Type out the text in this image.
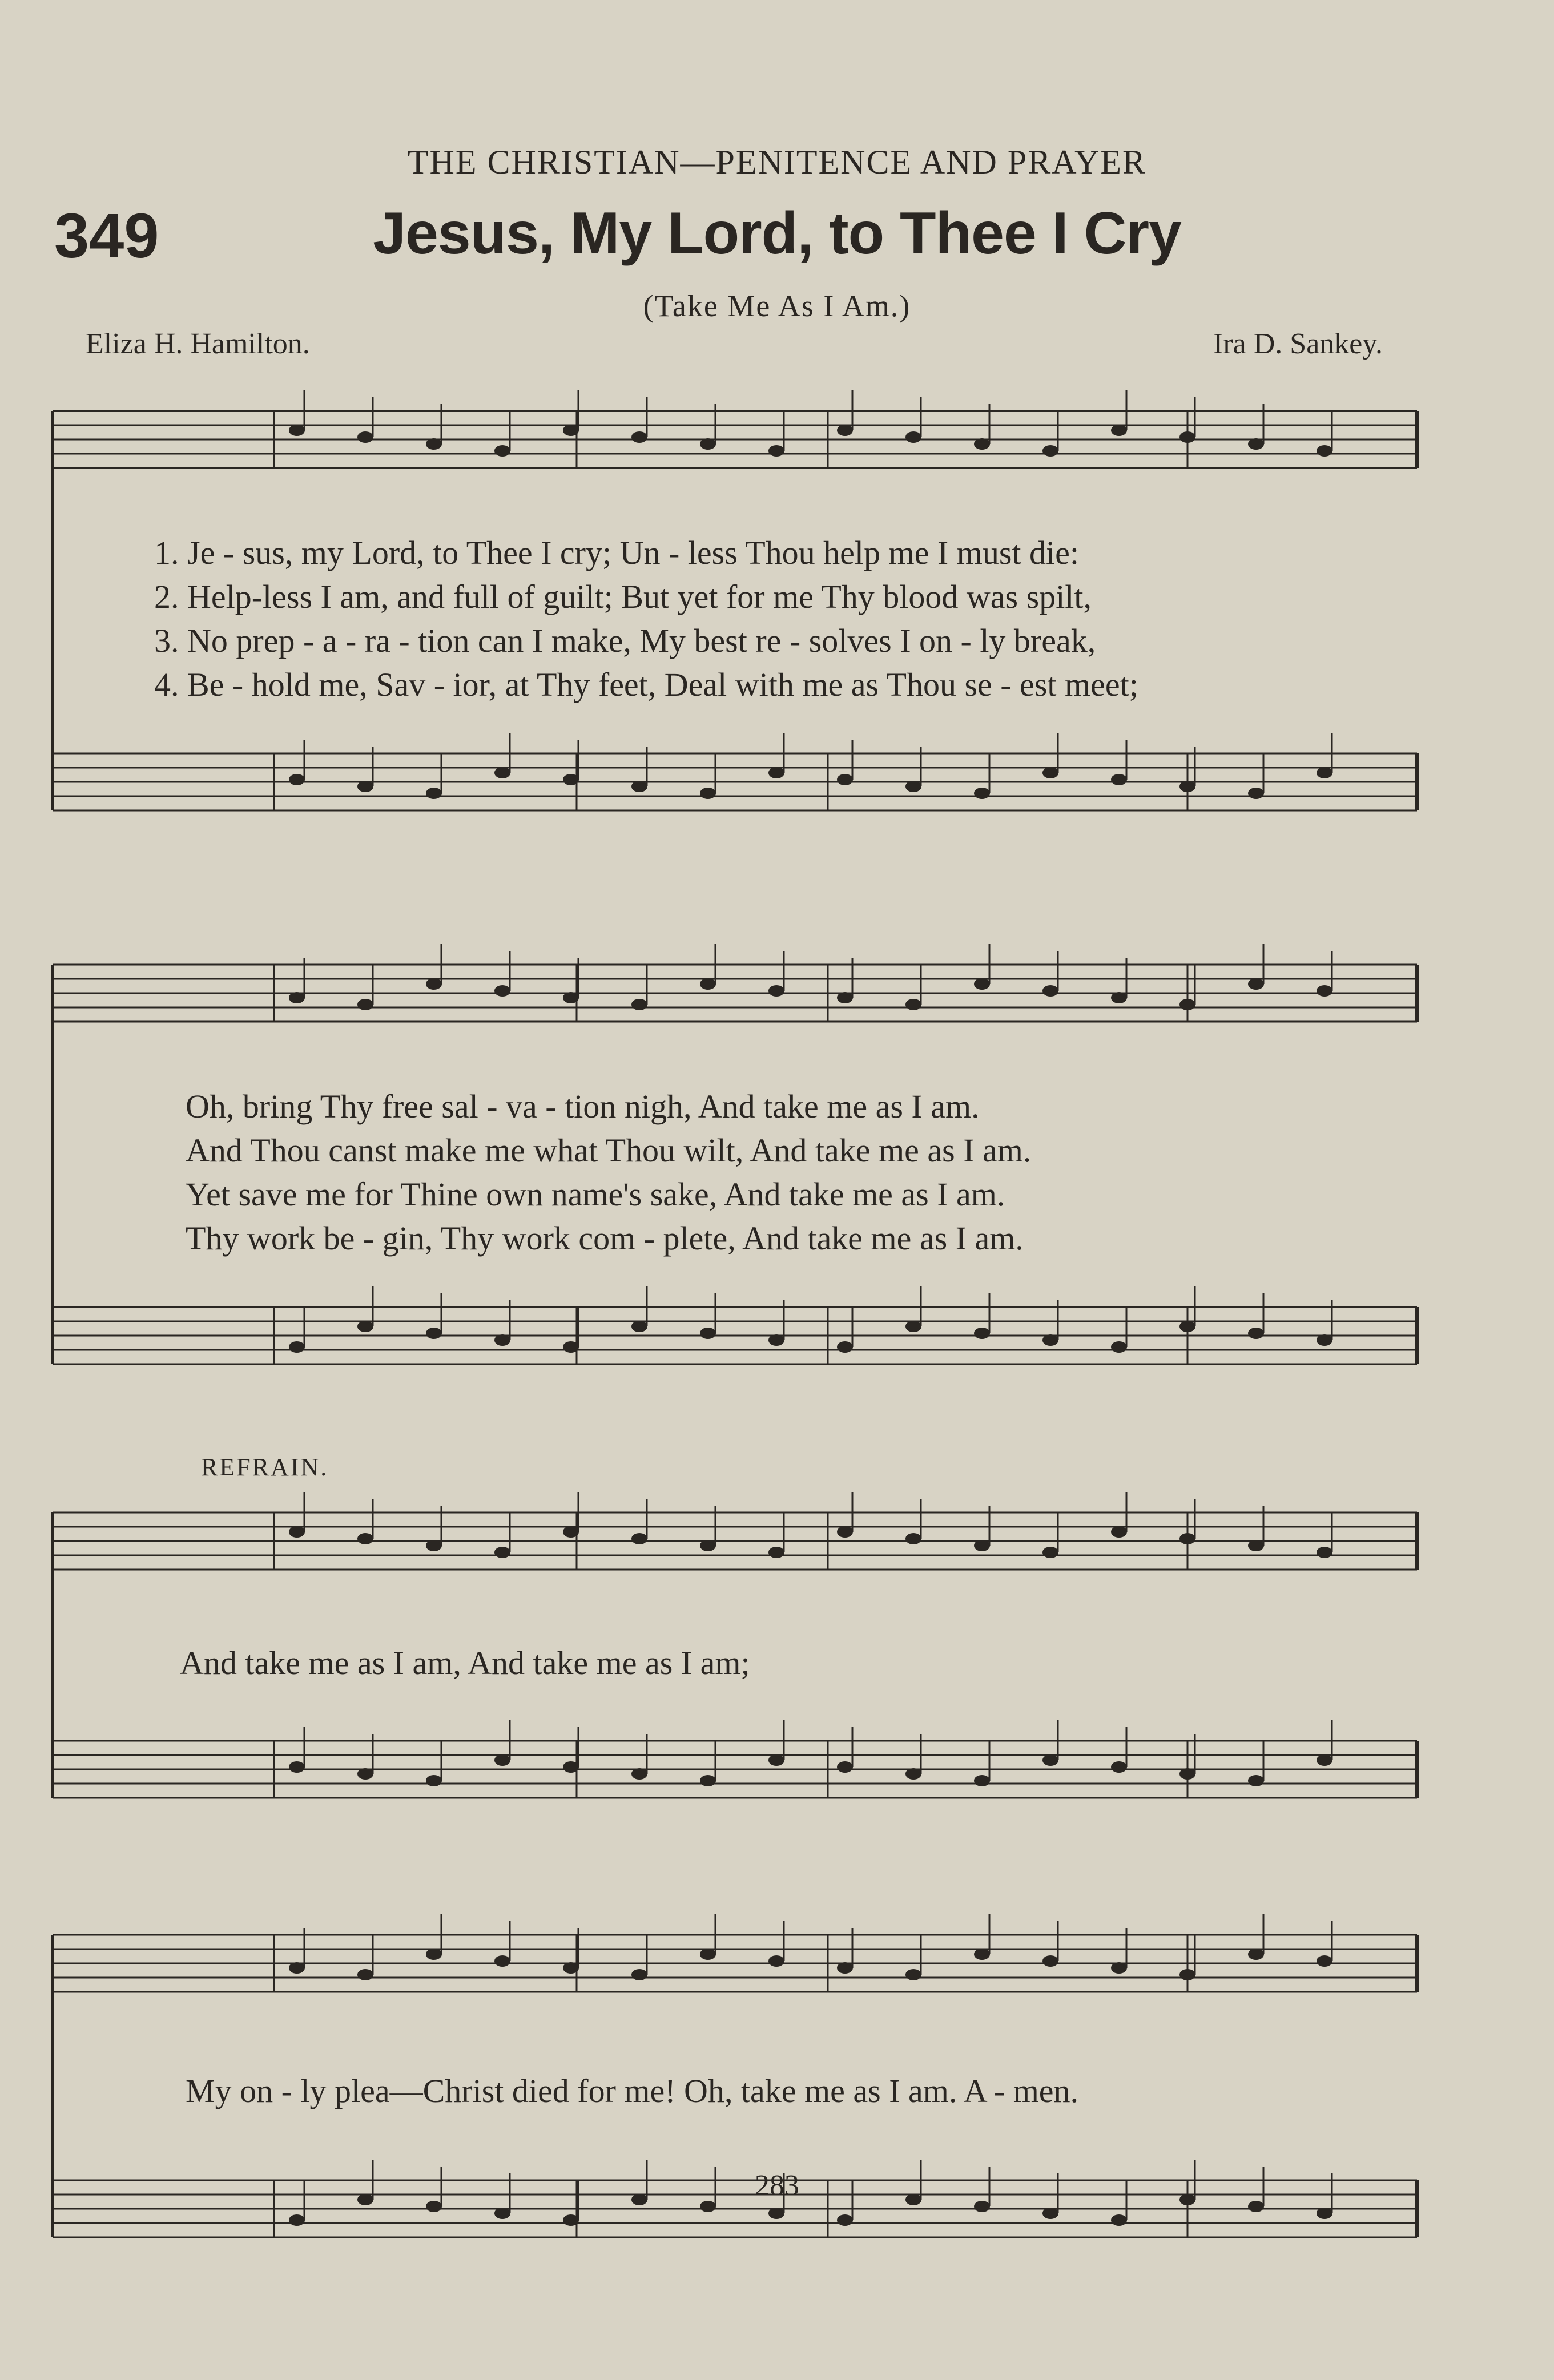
THE CHRISTIAN—PENITENCE AND PRAYER
349	Jesus, My Lord, to Thee I Cry
(Take Me As I Am.)
Eliza H. Hamilton.	Ira D. Sankey.
1. Je - sus, my Lord, to Thee I cry; Un - less Thou help me I must die:
2. Help-less I am, and full of guilt; But yet for me Thy blood was spilt,
3. No prep - a - ra - tion can I make, My best re - solves I on - ly break,
4. Be - hold me, Sav - ior, at Thy feet, Deal with me as Thou se - est meet;
Oh, bring Thy free sal - va - tion nigh, And take me as I am.
And Thou canst make me what Thou wilt, And take me as I am.
Yet save me for Thine own name's sake, And take me as I am.
Thy work be - gin, Thy work com - plete, And take me as I am.
REFRAIN.
And take me as I am, And take me as I am;
My on - ly plea—Christ died for me! Oh, take me as I am. A - men.
283
